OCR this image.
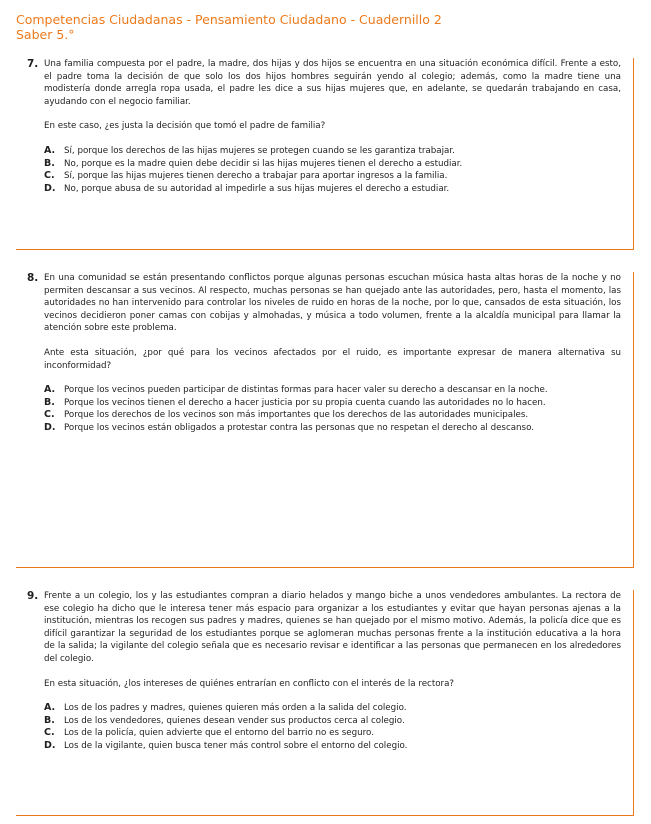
Competencias Ciudadanas - Pensamiento Ciudadano - Cuadernillo 2
Saber 5.°
7. Una familia compuesta por el padre, la madre, dos hijas y dos hijos se encuentra en una situación económica difícil. Frente a esto, el padre toma la decisión de que solo los dos hijos hombres seguirán yendo al colegio; además, como la madre tiene una modistería donde arregla ropa usada, el padre les dice a sus hijas mujeres que, en adelante, se quedarán trabajando en casa, ayudando con el negocio familiar.

En este caso, ¿es justa la decisión que tomó el padre de familia?

A.	Sí, porque los derechos de las hijas mujeres se protegen cuando se les garantiza trabajar.
B.	No, porque es la madre quien debe decidir si las hijas mujeres tienen el derecho a estudiar.
C.	Sí, porque las hijas mujeres tienen derecho a trabajar para aportar ingresos a la familia.
D. No, porque abusa de su autoridad al impedirle a sus hijas mujeres el derecho a estudiar.
8. En una comunidad se están presentando conflictos porque algunas personas escuchan música hasta altas horas de la noche y no permiten descansar a sus vecinos. Al respecto, muchas personas se han quejado ante las autoridades, pero, hasta el momento, las autoridades no han intervenido para controlar los niveles de ruido en horas de la noche, por lo que, cansados de esta situación, los vecinos decidieron poner camas con cobijas y almohadas, y música a todo volumen, frente a la alcaldía municipal para llamar la atención sobre este problema.

Ante esta situación, ¿por qué para los vecinos afectados por el ruido, es importante expresar de manera alternativa su inconformidad?

A.	Porque los vecinos pueden participar de distintas formas para hacer valer su derecho a descansar en la noche.
B.	Porque los vecinos tienen el derecho a hacer justicia por su propia cuenta cuando las autoridades no lo hacen.
C.	Porque los derechos de los vecinos son más importantes que los derechos de las autoridades municipales.
D. Porque los vecinos están obligados a protestar contra las personas que no respetan el derecho al descanso.
9. Frente a un colegio, los y las estudiantes compran a diario helados y mango biche a unos vendedores ambulantes. La rectora de ese colegio ha dicho que le interesa tener más espacio para organizar a los estudiantes y evitar que hayan personas ajenas a la institución, mientras los recogen sus padres y madres, quienes se han quejado por el mismo motivo. Además, la policía dice que es difícil garantizar la seguridad de los estudiantes porque se aglomeran muchas personas frente a la institución educativa a la hora de la salida; la vigilante del colegio señala que es necesario revisar e identificar a las personas que permanecen en los alrededores del colegio.

En esta situación, ¿los intereses de quiénes entrarían en conflicto con el interés de la rectora?

A.	Los de los padres y madres, quienes quieren más orden a la salida del colegio.
B.	Los de los vendedores, quienes desean vender sus productos cerca al colegio.
C.	Los de la policía, quien advierte que el entorno del barrio no es seguro.
D. Los de la vigilante, quien busca tener más control sobre el entorno del colegio.
